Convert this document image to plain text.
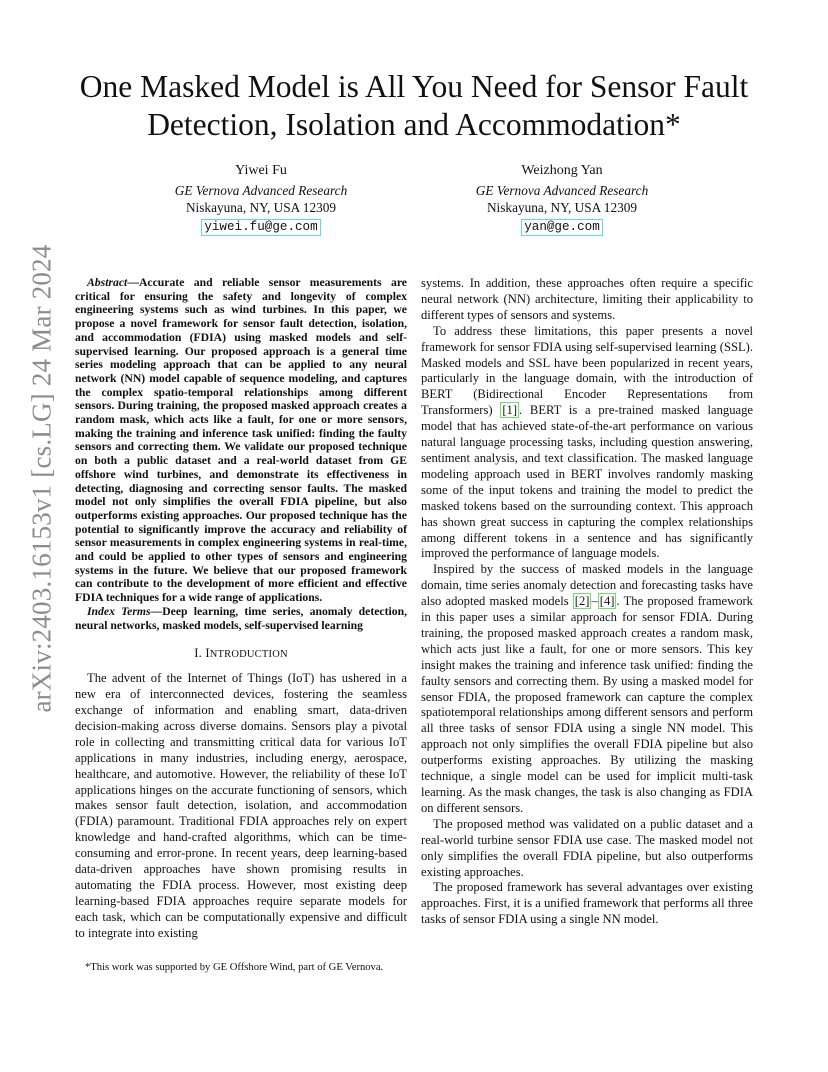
arXiv:2403.16153v1 [cs.LG] 24 Mar 2024
One Masked Model is All You Need for Sensor Fault Detection, Isolation and Accommodation*
Yiwei Fu
GE Vernova Advanced Research
Niskayuna, NY, USA 12309
yiwei.fu@ge.com
Weizhong Yan
GE Vernova Advanced Research
Niskayuna, NY, USA 12309
yan@ge.com

Abstract—Accurate and reliable sensor measurements are critical for ensuring the safety and longevity of complex engineering systems such as wind turbines. In this paper, we propose a novel framework for sensor fault detection, isolation, and accommodation (FDIA) using masked models and self-supervised learning. Our proposed approach is a general time series modeling approach that can be applied to any neural network (NN) model capable of sequence modeling, and captures the complex spatio-temporal relationships among different sensors. During training, the proposed masked approach creates a random mask, which acts like a fault, for one or more sensors, making the training and inference task unified: finding the faulty sensors and correcting them. We validate our proposed technique on both a public dataset and a real-world dataset from GE offshore wind turbines, and demonstrate its effectiveness in detecting, diagnosing and correcting sensor faults. The masked model not only simplifies the overall FDIA pipeline, but also outperforms existing approaches. Our proposed technique has the potential to significantly improve the accuracy and reliability of sensor measurements in complex engineering systems in real-time, and could be applied to other types of sensors and engineering systems in the future. We believe that our proposed framework can contribute to the development of more efficient and effective FDIA techniques for a wide range of applications.

Index Terms—Deep learning, time series, anomaly detection, neural networks, masked models, self-supervised learning

I. INTRODUCTION

The advent of the Internet of Things (IoT) has ushered in a new era of interconnected devices, fostering the seamless exchange of information and enabling smart, data-driven decision-making across diverse domains. Sensors play a pivotal role in collecting and transmitting critical data for various IoT applications in many industries, including energy, aerospace, healthcare, and automotive. However, the reliability of these IoT applications hinges on the accurate functioning of sensors, which makes sensor fault detection, isolation, and accommodation (FDIA) paramount. Traditional FDIA approaches rely on expert knowledge and hand-crafted algorithms, which can be time-consuming and error-prone. In recent years, deep learning-based data-driven approaches have shown promising results in automating the FDIA process. However, most existing deep learning-based FDIA approaches require separate models for each task, which can be computationally expensive and difficult to integrate into existing

systems. In addition, these approaches often require a specific neural network (NN) architecture, limiting their applicability to different types of sensors and systems.

To address these limitations, this paper presents a novel framework for sensor FDIA using self-supervised learning (SSL). Masked models and SSL have been popularized in recent years, particularly in the language domain, with the introduction of BERT (Bidirectional Encoder Representations from Transformers) [1] . BERT is a pre-trained masked language model that has achieved state-of-the-art performance on various natural language processing tasks, including question answering, sentiment analysis, and text classification. The masked language modeling approach used in BERT involves randomly masking some of the input tokens and training the model to predict the masked tokens based on the surrounding context. This approach has shown great success in capturing the complex relationships among different tokens in a sentence and has significantly improved the performance of language models.

Inspired by the success of masked models in the language domain, time series anomaly detection and forecasting tasks have also adopted masked models [2] – [4] . The proposed framework in this paper uses a similar approach for sensor FDIA. During training, the proposed masked approach creates a random mask, which acts just like a fault, for one or more sensors. This key insight makes the training and inference task unified: finding the faulty sensors and correcting them. By using a masked model for sensor FDIA, the proposed framework can capture the complex spatiotemporal relationships among different sensors and perform all three tasks of sensor FDIA using a single NN model. This approach not only simplifies the overall FDIA pipeline but also outperforms existing approaches. By utilizing the masking technique, a single model can be used for implicit multi-task learning. As the mask changes, the task is also changing as FDIA on different sensors.

The proposed method was validated on a public dataset and a real-world turbine sensor FDIA use case. The masked model not only simplifies the overall FDIA pipeline, but also outperforms existing approaches.

The proposed framework has several advantages over existing approaches. First, it is a unified framework that performs all three tasks of sensor FDIA using a single NN model.

*This work was supported by GE Offshore Wind, part of GE Vernova.
